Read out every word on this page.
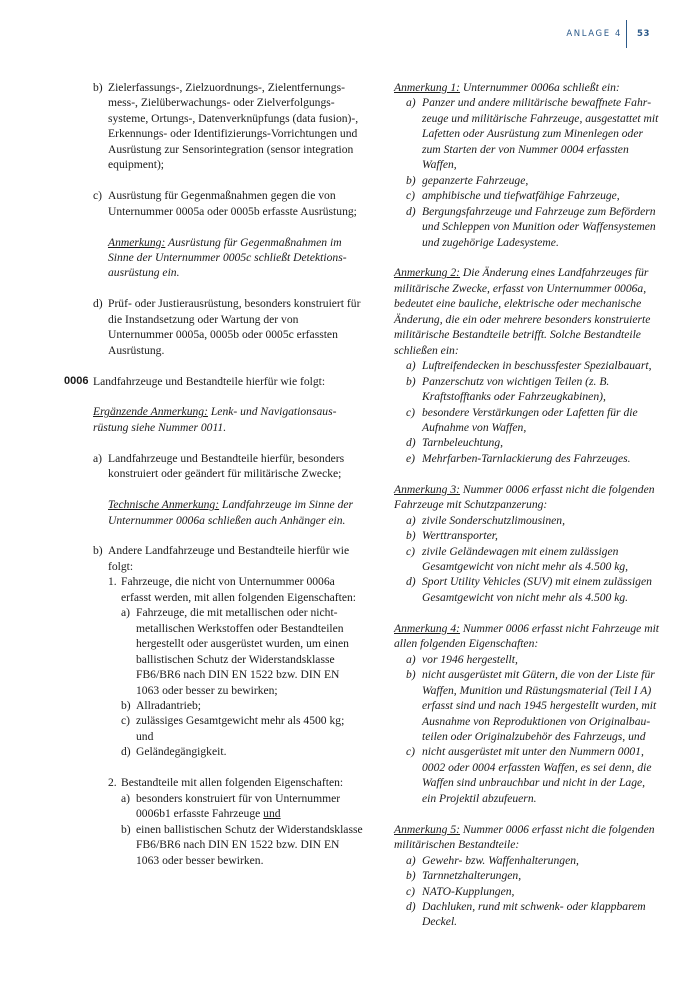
ANLAGE 4 53
b) Zielerfassungs-, Zielzuordnungs-, Zielentfernungsmess-, Zielüberwachungs- oder Zielverfolgungssysteme, Ortungs-, Datenverknüpfungs (data fusion)-, Erkennungs- oder Identifizierungs-Vorrichtungen und Ausrüstung zur Sensorintegration (sensor integration equipment);
c) Ausrüstung für Gegenmaßnahmen gegen die von Unternummer 0005a oder 0005b erfasste Ausrüstung;
Anmerkung: Ausrüstung für Gegenmaßnahmen im Sinne der Unternummer 0005c schließt Detektionsausrüstung ein.
d) Prüf- oder Justierausrüstung, besonders konstruiert für die Instandsetzung oder Wartung der von Unternummer 0005a, 0005b oder 0005c erfassten Ausrüstung.
0006 Landfahrzeuge und Bestandteile hierfür wie folgt:
Ergänzende Anmerkung: Lenk- und Navigationsausrüstung siehe Nummer 0011.
a) Landfahrzeuge und Bestandteile hierfür, besonders konstruiert oder geändert für militärische Zwecke;
Technische Anmerkung: Landfahrzeuge im Sinne der Unternummer 0006a schließen auch Anhänger ein.
b) Andere Landfahrzeuge und Bestandteile hierfür wie folgt:
1. Fahrzeuge, die nicht von Unternummer 0006a erfasst werden, mit allen folgenden Eigenschaften:
a) Fahrzeuge, die mit metallischen oder nicht-metallischen Werkstoffen oder Bestandteilen hergestellt oder ausgerüstet wurden, um einen ballistischen Schutz der Widerstandsklasse FB6/BR6 nach DIN EN 1522 bzw. DIN EN 1063 oder besser zu bewirken;
b) Allradantrieb;
c) zulässiges Gesamtgewicht mehr als 4500 kg;
und
d) Geländegängigkeit.
2. Bestandteile mit allen folgenden Eigenschaften:
a) besonders konstruiert für von Unternummer 0006b1 erfasste Fahrzeuge und
b) einen ballistischen Schutz der Widerstandsklasse FB6/BR6 nach DIN EN 1522 bzw. DIN EN 1063 oder besser bewirken.
Anmerkung 1: Unternummer 0006a schließt ein:
a) Panzer und andere militärische bewaffnete Fahrzeuge und militärische Fahrzeuge, ausgestattet mit Lafetten oder Ausrüstung zum Minenlegen oder zum Starten der von Nummer 0004 erfassten Waffen,
b) gepanzerte Fahrzeuge,
c) amphibische und tiefwatfähige Fahrzeuge,
d) Bergungsfahrzeuge und Fahrzeuge zum Befördern und Schleppen von Munition oder Waffensystemen und zugehörige Ladesysteme.
Anmerkung 2: Die Änderung eines Landfahrzeuges für militärische Zwecke, erfasst von Unternummer 0006a, bedeutet eine bauliche, elektrische oder mechanische Änderung, die ein oder mehrere besonders konstruierte militärische Bestandteile betrifft. Solche Bestandteile schließen ein:
a) Luftreifendecken in beschussfester Spezialbauart,
b) Panzerschutz von wichtigen Teilen (z. B. Kraftstofftanks oder Fahrzeugkabinen),
c) besondere Verstärkungen oder Lafetten für die Aufnahme von Waffen,
d) Tarnbeleuchtung,
e) Mehrfarben-Tarnlackierung des Fahrzeuges.
Anmerkung 3: Nummer 0006 erfasst nicht die folgenden Fahrzeuge mit Schutzpanzerung:
a) zivile Sonderschutzlimousinen,
b) Werttransporter,
c) zivile Geländewagen mit einem zulässigen Gesamtgewicht von nicht mehr als 4.500 kg,
d) Sport Utility Vehicles (SUV) mit einem zulässigen Gesamtgewicht von nicht mehr als 4.500 kg.
Anmerkung 4: Nummer 0006 erfasst nicht Fahrzeuge mit allen folgenden Eigenschaften:
a) vor 1946 hergestellt,
b) nicht ausgerüstet mit Gütern, die von der Liste für Waffen, Munition und Rüstungsmaterial (Teil I A) erfasst sind und nach 1945 hergestellt wurden, mit Ausnahme von Reproduktionen von Originalbauteilen oder Originalzubehör des Fahrzeugs, und
c) nicht ausgerüstet mit unter den Nummern 0001, 0002 oder 0004 erfassten Waffen, es sei denn, die Waffen sind unbrauchbar und nicht in der Lage, ein Projektil abzufeuern.
Anmerkung 5: Nummer 0006 erfasst nicht die folgenden militärischen Bestandteile:
a) Gewehr- bzw. Waffenhalterungen,
b) Tarnnetzhalterungen,
c) NATO-Kupplungen,
d) Dachluken, rund mit schwenk- oder klappbarem Deckel.
